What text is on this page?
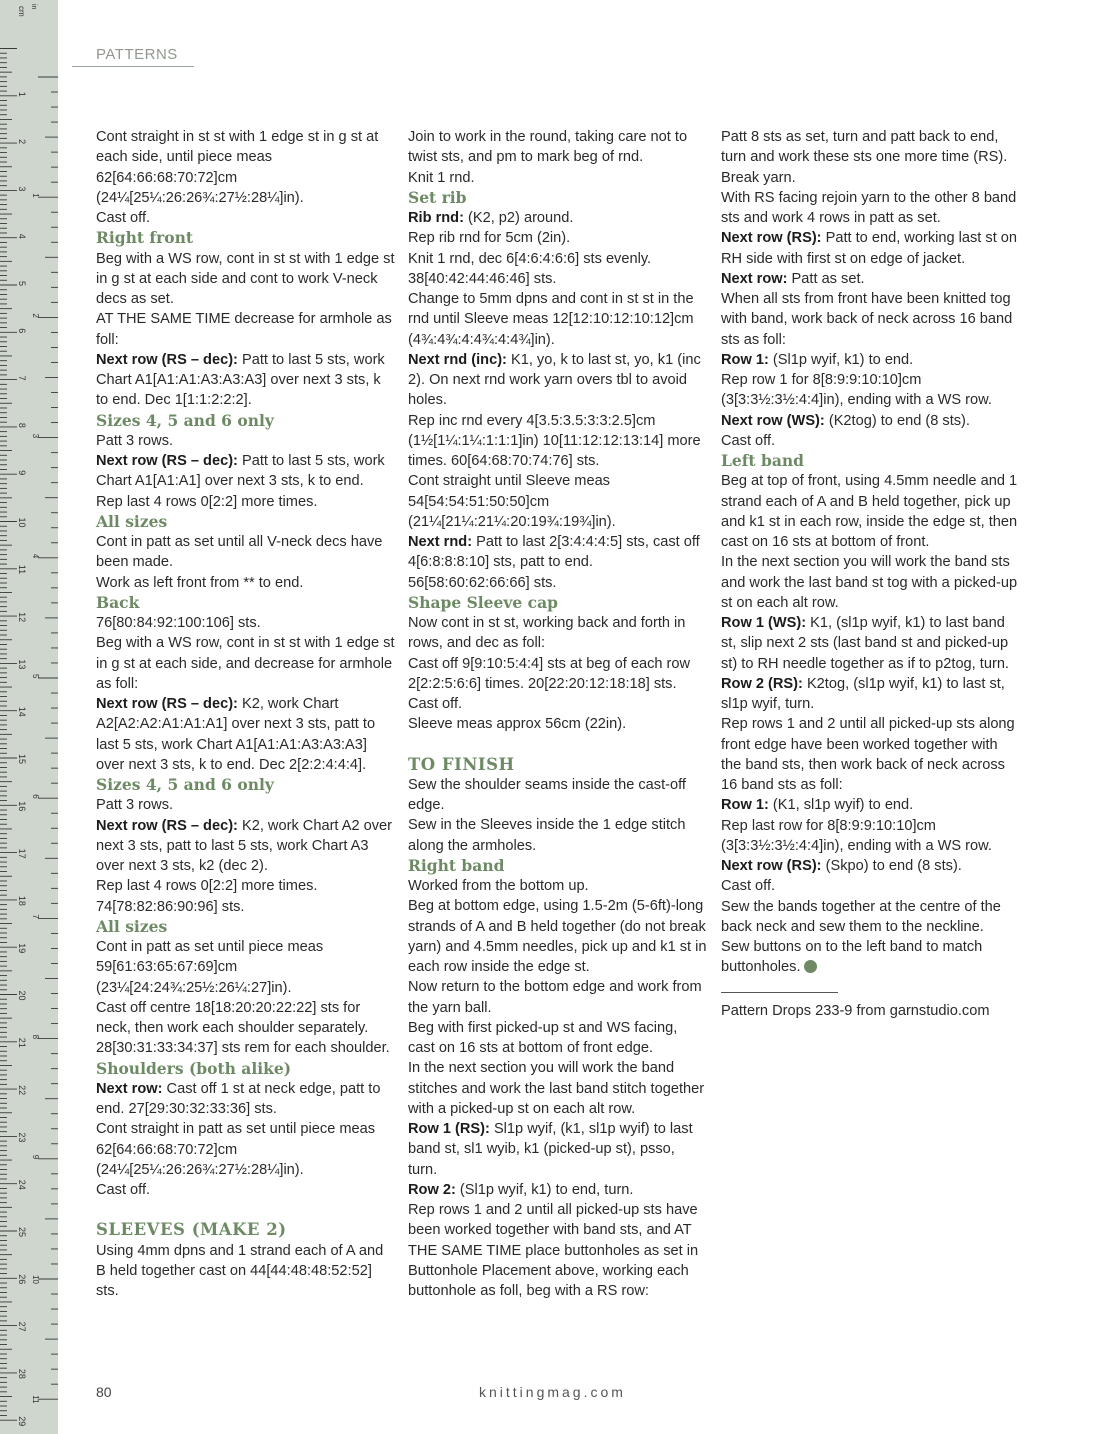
1
2
3
4
5
6
7
8
9
10
11
12
13
14
15
16
17
18
19
20
21
22
23
24
25
26
27
28
29
1
2
3
4
5
6
7
8
9
10
11
cm in
PATTERNS

Cont straight in st st with 1 edge st in g st at each side, until piece meas 62[64:66:68:70:72]cm (24¼[25¼:26:26¾:27½:28¼]in).

Cast off.

Right front

Beg with a WS row, cont in st st with 1 edge st in g st at each side and cont to work V-neck decs as set.

AT THE SAME TIME decrease for armhole as foll:

Next row (RS – dec): Patt to last 5 sts, work Chart A1[A1:A1:A3:A3:A3] over next 3 sts, k to end. Dec 1[1:1:2:2:2].

Sizes 4, 5 and 6 only

Patt 3 rows.

Next row (RS – dec): Patt to last 5 sts, work Chart A1[A1:A1] over next 3 sts, k to end.

Rep last 4 rows 0[2:2] more times.

All sizes

Cont in patt as set until all V-neck decs have been made.

Work as left front from ** to end.

Back

76[80:84:92:100:106] sts.

Beg with a WS row, cont in st st with 1 edge st in g st at each side, and decrease for armhole as foll:

Next row (RS – dec): K2, work Chart A2[A2:A2:A1:A1:A1] over next 3 sts, patt to last 5 sts, work Chart A1[A1:A1:A3:A3:A3] over next 3 sts, k to end. Dec 2[2:2:4:4:4].

Sizes 4, 5 and 6 only

Patt 3 rows.

Next row (RS – dec): K2, work Chart A2 over next 3 sts, patt to last 5 sts, work Chart A3 over next 3 sts, k2 (dec 2).

Rep last 4 rows 0[2:2] more times.

74[78:82:86:90:96] sts.

All sizes

Cont in patt as set until piece meas 59[61:63:65:67:69]cm (23¼[24:24¾:25½:26¼:27]in).

Cast off centre 18[18:20:20:22:22] sts for neck, then work each shoulder separately. 28[30:31:33:34:37] sts rem for each shoulder.

Shoulders (both alike)

Next row: Cast off 1 st at neck edge, patt to end. 27[29:30:32:33:36] sts.

Cont straight in patt as set until piece meas 62[64:66:68:70:72]cm (24¼[25¼:26:26¾:27½:28¼]in).

Cast off.

SLEEVES (MAKE 2)

Using 4mm dpns and 1 strand each of A and B held together cast on 44[44:48:48:52:52] sts.

Join to work in the round, taking care not to twist sts, and pm to mark beg of rnd.

Knit 1 rnd.

Set rib

Rib rnd: (K2, p2) around.

Rep rib rnd for 5cm (2in).

Knit 1 rnd, dec 6[4:6:4:6:6] sts evenly. 38[40:42:44:46:46] sts.

Change to 5mm dpns and cont in st st in the rnd until Sleeve meas 12[12:10:12:10:12]cm (4¾:4¾:4:4¾:4:4¾]in).

Next rnd (inc): K1, yo, k to last st, yo, k1 (inc 2). On next rnd work yarn overs tbl to avoid holes.

Rep inc rnd every 4[3.5:3.5:3:3:2.5]cm (1½[1¼:1¼:1:1:1]in) 10[11:12:12:13:14] more times. 60[64:68:70:74:76] sts.

Cont straight until Sleeve meas 54[54:54:51:50:50]cm (21¼[21¼:21¼:20:19¾:19¾]in).

Next rnd: Patt to last 2[3:4:4:4:5] sts, cast off 4[6:8:8:8:10] sts, patt to end. 56[58:60:62:66:66] sts.

Shape Sleeve cap

Now cont in st st, working back and forth in rows, and dec as foll:

Cast off 9[9:10:5:4:4] sts at beg of each row 2[2:2:5:6:6] times. 20[22:20:12:18:18] sts.

Cast off.

Sleeve meas approx 56cm (22in).

TO FINISH

Sew the shoulder seams inside the cast-off edge.

Sew in the Sleeves inside the 1 edge stitch along the armholes.

Right band

Worked from the bottom up.

Beg at bottom edge, using 1.5-2m (5-6ft)-long strands of A and B held together (do not break yarn) and 4.5mm needles, pick up and k1 st in each row inside the edge st.

Now return to the bottom edge and work from the yarn ball.

Beg with first picked-up st and WS facing, cast on 16 sts at bottom of front edge.

In the next section you will work the band stitches and work the last band stitch together with a picked-up st on each alt row.

Row 1 (RS): Sl1p wyif, (k1, sl1p wyif) to last band st, sl1 wyib, k1 (picked-up st), psso, turn.

Row 2: (Sl1p wyif, k1) to end, turn.

Rep rows 1 and 2 until all picked-up sts have been worked together with band sts, and AT THE SAME TIME place buttonholes as set in Buttonhole Placement above, working each buttonhole as foll, beg with a RS row:

Patt 8 sts as set, turn and patt back to end, turn and work these sts one more time (RS).

Break yarn.

With RS facing rejoin yarn to the other 8 band sts and work 4 rows in patt as set.

Next row (RS): Patt to end, working last st on RH side with first st on edge of jacket.

Next row: Patt as set.

When all sts from front have been knitted tog with band, work back of neck across 16 band sts as foll:

Row 1: (Sl1p wyif, k1) to end.

Rep row 1 for 8[8:9:9:10:10]cm (3[3:3½:3½:4:4]in), ending with a WS row.

Next row (WS): (K2tog) to end (8 sts).

Cast off.

Left band

Beg at top of front, using 4.5mm needle and 1 strand each of A and B held together, pick up and k1 st in each row, inside the edge st, then cast on 16 sts at bottom of front.

In the next section you will work the band sts and work the last band st tog with a picked-up st on each alt row.

Row 1 (WS): K1, (sl1p wyif, k1) to last band st, slip next 2 sts (last band st and picked-up st) to RH needle together as if to p2tog, turn.

Row 2 (RS): K2tog, (sl1p wyif, k1) to last st, sl1p wyif, turn.

Rep rows 1 and 2 until all picked-up sts along front edge have been worked together with the band sts, then work back of neck across 16 band sts as foll:

Row 1: (K1, sl1p wyif) to end.

Rep last row for 8[8:9:9:10:10]cm (3[3:3½:3½:4:4]in), ending with a WS row.

Next row (RS): (Skpo) to end (8 sts).

Cast off.

Sew the bands together at the centre of the back neck and sew them to the neckline.

Sew buttons on to the left band to match buttonholes.

Pattern Drops 233-9 from garnstudio.com

80	knittingmag.com
